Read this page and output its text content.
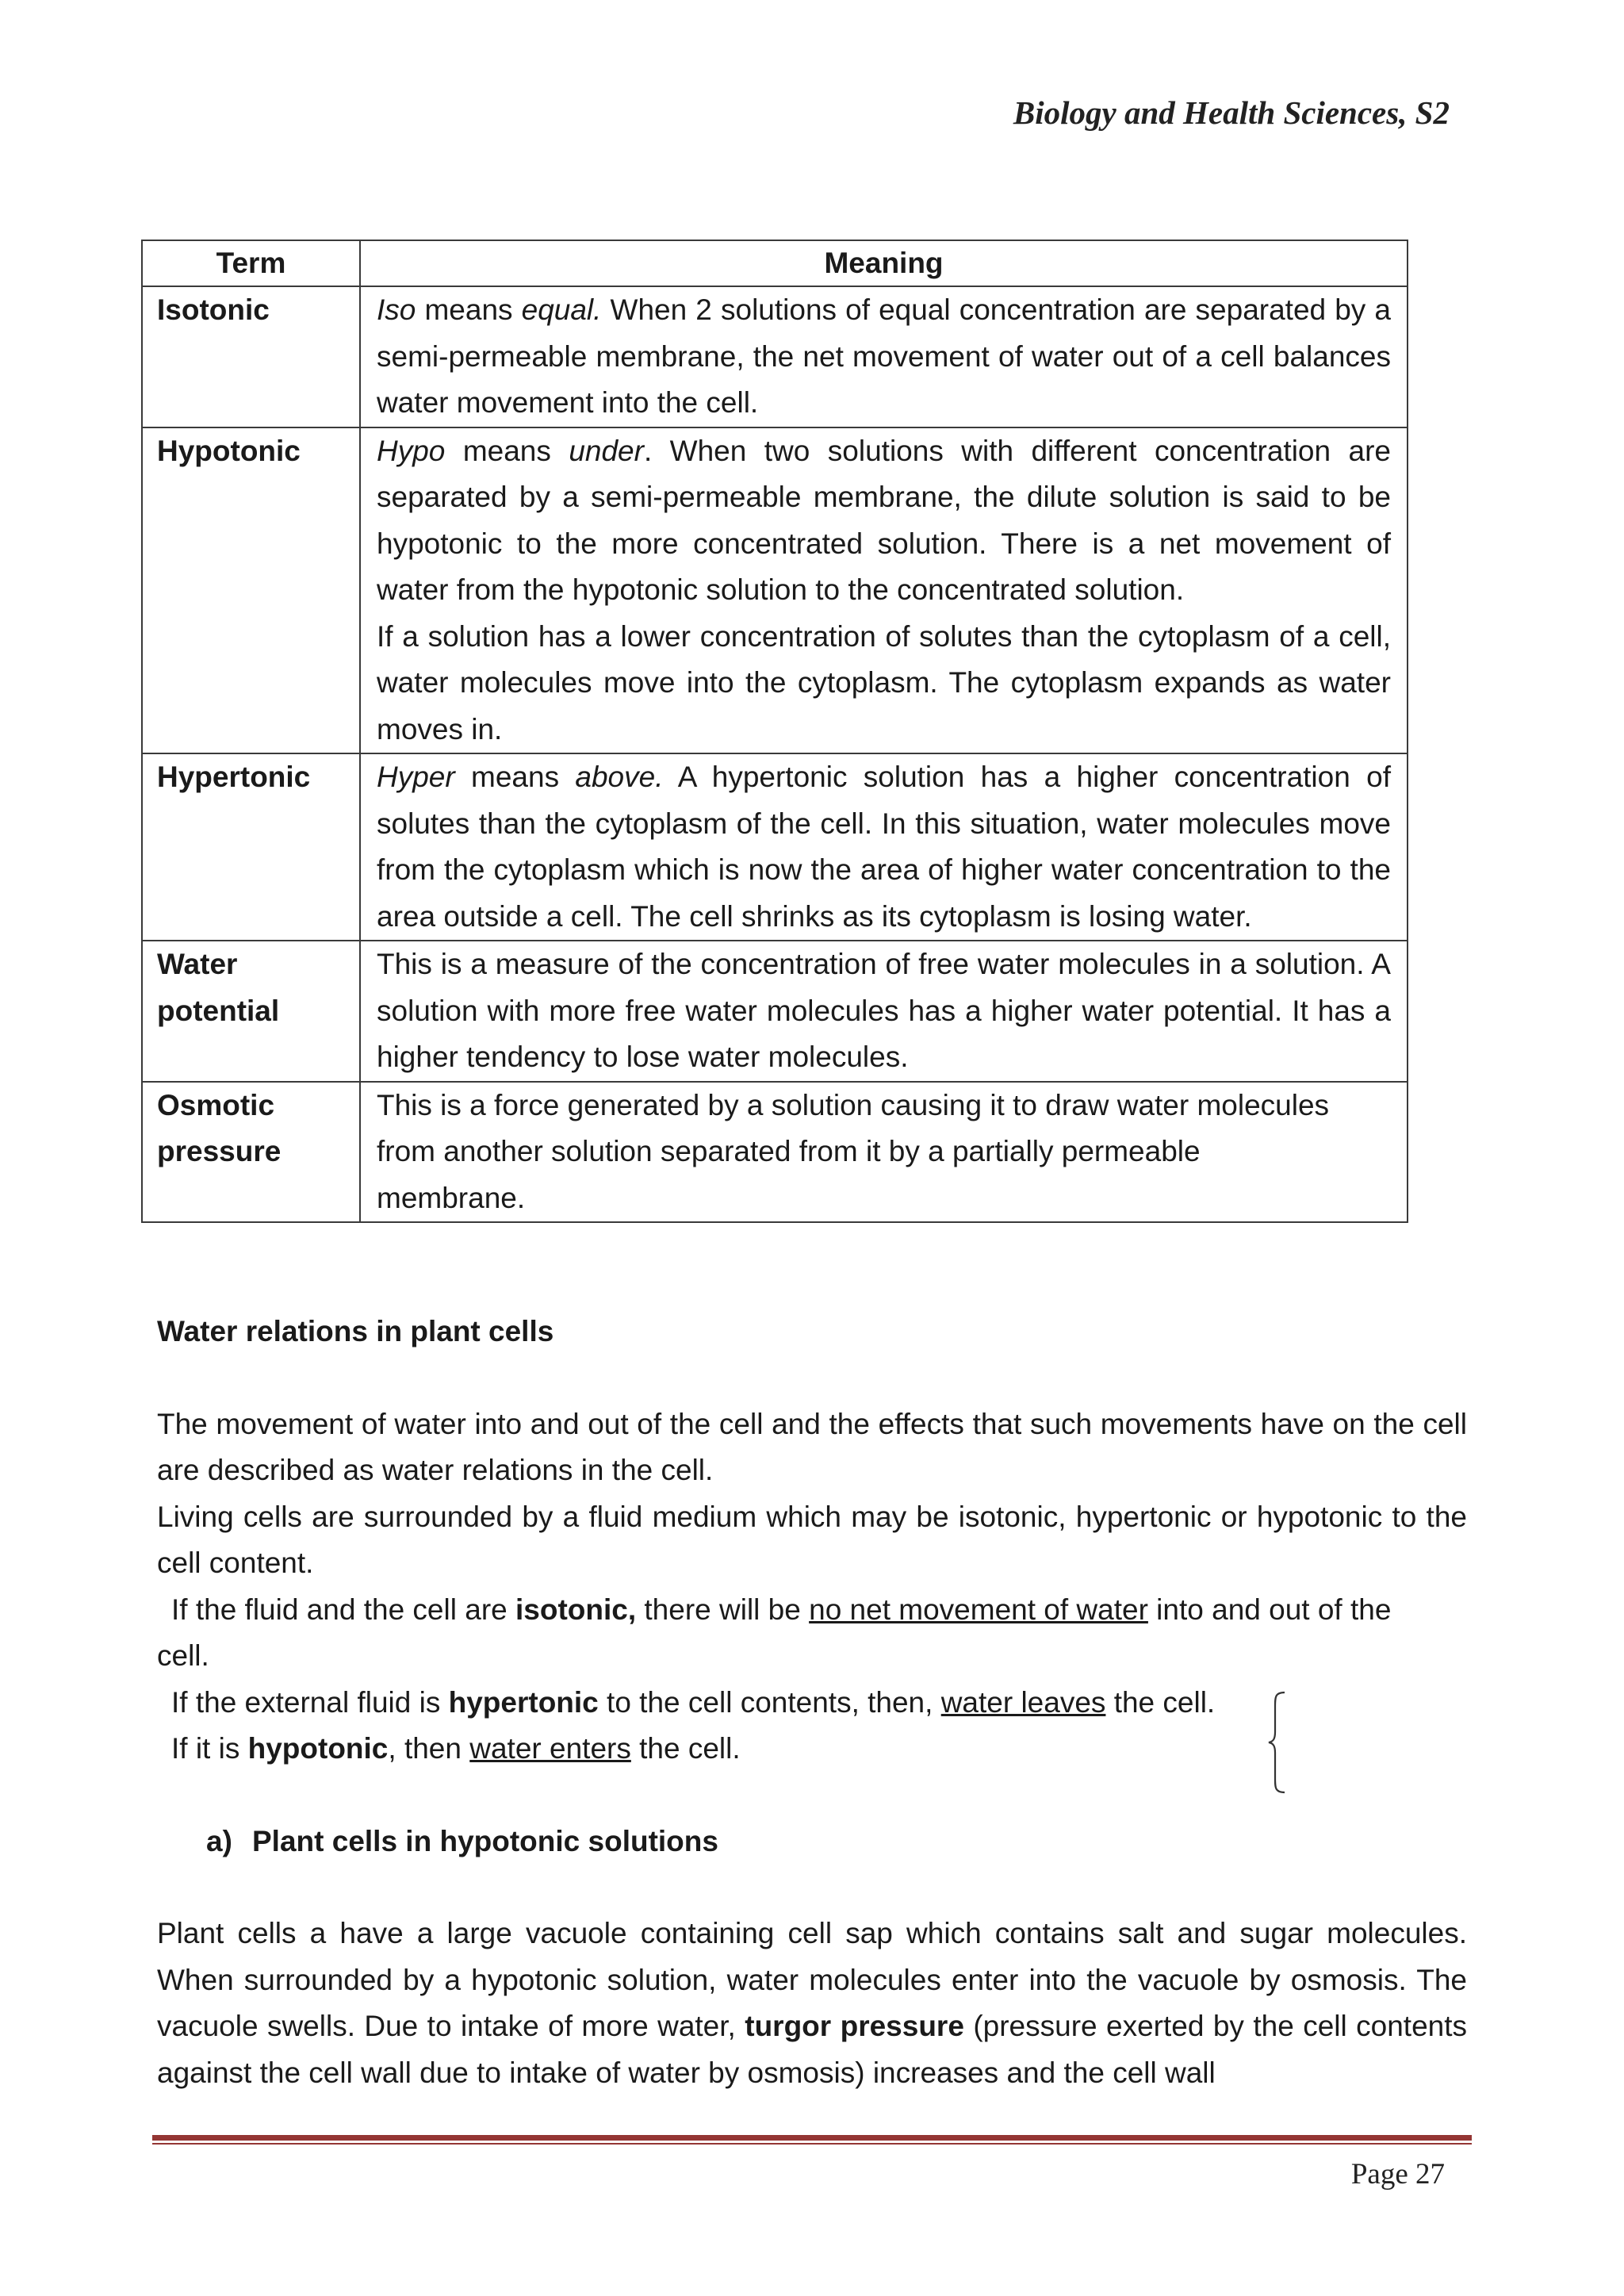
Biology and Health Sciences, S2
Term	Meaning
Isotonic	Iso means equal. When 2 solutions of equal concentration are separated by a semi-permeable membrane, the net movement of water out of a cell balances water movement into the cell.

Hypotonic	Hypo means under. When two solutions with different concentration are separated by a semi-permeable membrane, the dilute solution is said to be hypotonic to the more concentrated solution. There is a net movement of water from the hypotonic solution to the concentrated solution.

If a solution has a lower concentration of solutes than the cytoplasm of a cell, water molecules move into the cytoplasm. The cytoplasm expands as water moves in.

Hypertonic	Hyper means above. A hypertonic solution has a higher concentration of solutes than the cytoplasm of the cell. In this situation, water molecules move from the cytoplasm which is now the area of higher water concentration to the area outside a cell. The cell shrinks as its cytoplasm is losing water.

Water
potential	This is a measure of the concentration of free water molecules in a solution. A solution with more free water molecules has a higher water potential. It has a higher tendency to lose water molecules.

Osmotic
pressure	This is a force generated by a solution causing it to draw water molecules
from another solution separated from it by a partially permeable
membrane.

Water relations in plant cells

The movement of water into and out of the cell and the effects that such movements have on the cell are described as water relations in the cell.

Living cells are surrounded by a fluid medium which may be isotonic, hypertonic or hypotonic to the cell content.

If the fluid and the cell are isotonic, there will be no net movement of water into and out of the

cell.

If the external fluid is hypertonic to the cell contents, then, water leaves the cell.

If it is hypotonic, then water enters the cell.

a) Plant cells in hypotonic solutions

Plant cells a have a large vacuole containing cell sap which contains salt and sugar molecules. When surrounded by a hypotonic solution, water molecules enter into the vacuole by osmosis. The vacuole swells. Due to intake of more water, turgor pressure (pressure exerted by the cell contents against the cell wall due to intake of water by osmosis) increases and the cell wall

Page 27
